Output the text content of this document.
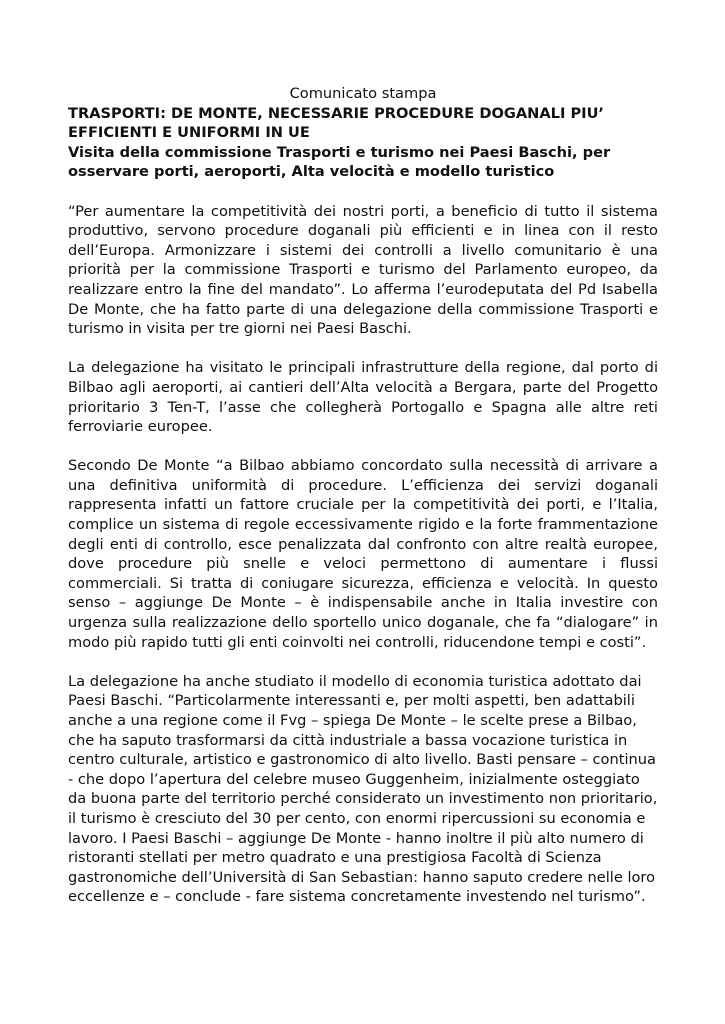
Comunicato stampa

TRASPORTI: DE MONTE, NECESSARIE PROCEDURE DOGANALI PIU’ EFFICIENTI E UNIFORMI IN UE

Visita della commissione Trasporti e turismo nei Paesi Baschi, per osservare porti, aeroporti, Alta velocità e modello turistico

“Per aumentare la competitività dei nostri porti, a beneficio di tutto il sistema produttivo, servono procedure doganali più efficienti e in linea con il resto dell’Europa. Armonizzare i sistemi dei controlli a livello comunitario è una priorità per la commissione Trasporti e turismo del Parlamento europeo, da realizzare entro la fine del mandato”. Lo afferma l’eurodeputata del Pd Isabella De Monte, che ha fatto parte di una delegazione della commissione Trasporti e turismo in visita per tre giorni nei Paesi Baschi.

La delegazione ha visitato le principali infrastrutture della regione, dal porto di Bilbao agli aeroporti, ai cantieri dell’Alta velocità a Bergara, parte del Progetto prioritario 3 Ten-T, l’asse che collegherà Portogallo e Spagna alle altre reti ferroviarie europee.

Secondo De Monte “a Bilbao abbiamo concordato sulla necessità di arrivare a una definitiva uniformità di procedure. L’efficienza dei servizi doganali rappresenta infatti un fattore cruciale per la competitività dei porti, e l’Italia, complice un sistema di regole eccessivamente rigido e la forte frammentazione degli enti di controllo, esce penalizzata dal confronto con altre realtà europee, dove procedure più snelle e veloci permettono di aumentare i flussi commerciali. Si tratta di coniugare sicurezza, efficienza e velocità. In questo senso – aggiunge De Monte – è indispensabile anche in Italia investire con urgenza sulla realizzazione dello sportello unico doganale, che fa “dialogare” in modo più rapido tutti gli enti coinvolti nei controlli, riducendone tempi e costi”.

La delegazione ha anche studiato il modello di economia turistica adottato dai Paesi Baschi. “Particolarmente interessanti e, per molti aspetti, ben adattabili anche a una regione come il Fvg – spiega De Monte – le scelte prese a Bilbao, che ha saputo trasformarsi da città industriale a bassa vocazione turistica in centro culturale, artistico e gastronomico di alto livello. Basti pensare – continua - che dopo l’apertura del celebre museo Guggenheim, inizialmente osteggiato da buona parte del territorio perché considerato un investimento non prioritario, il turismo è cresciuto del 30 per cento, con enormi ripercussioni su economia e lavoro. I Paesi Baschi – aggiunge De Monte - hanno inoltre il più alto numero di ristoranti stellati per metro quadrato e una prestigiosa Facoltà di Scienza gastronomiche dell’Università di San Sebastian: hanno saputo credere nelle loro eccellenze e – conclude - fare sistema concretamente investendo nel turismo”.
